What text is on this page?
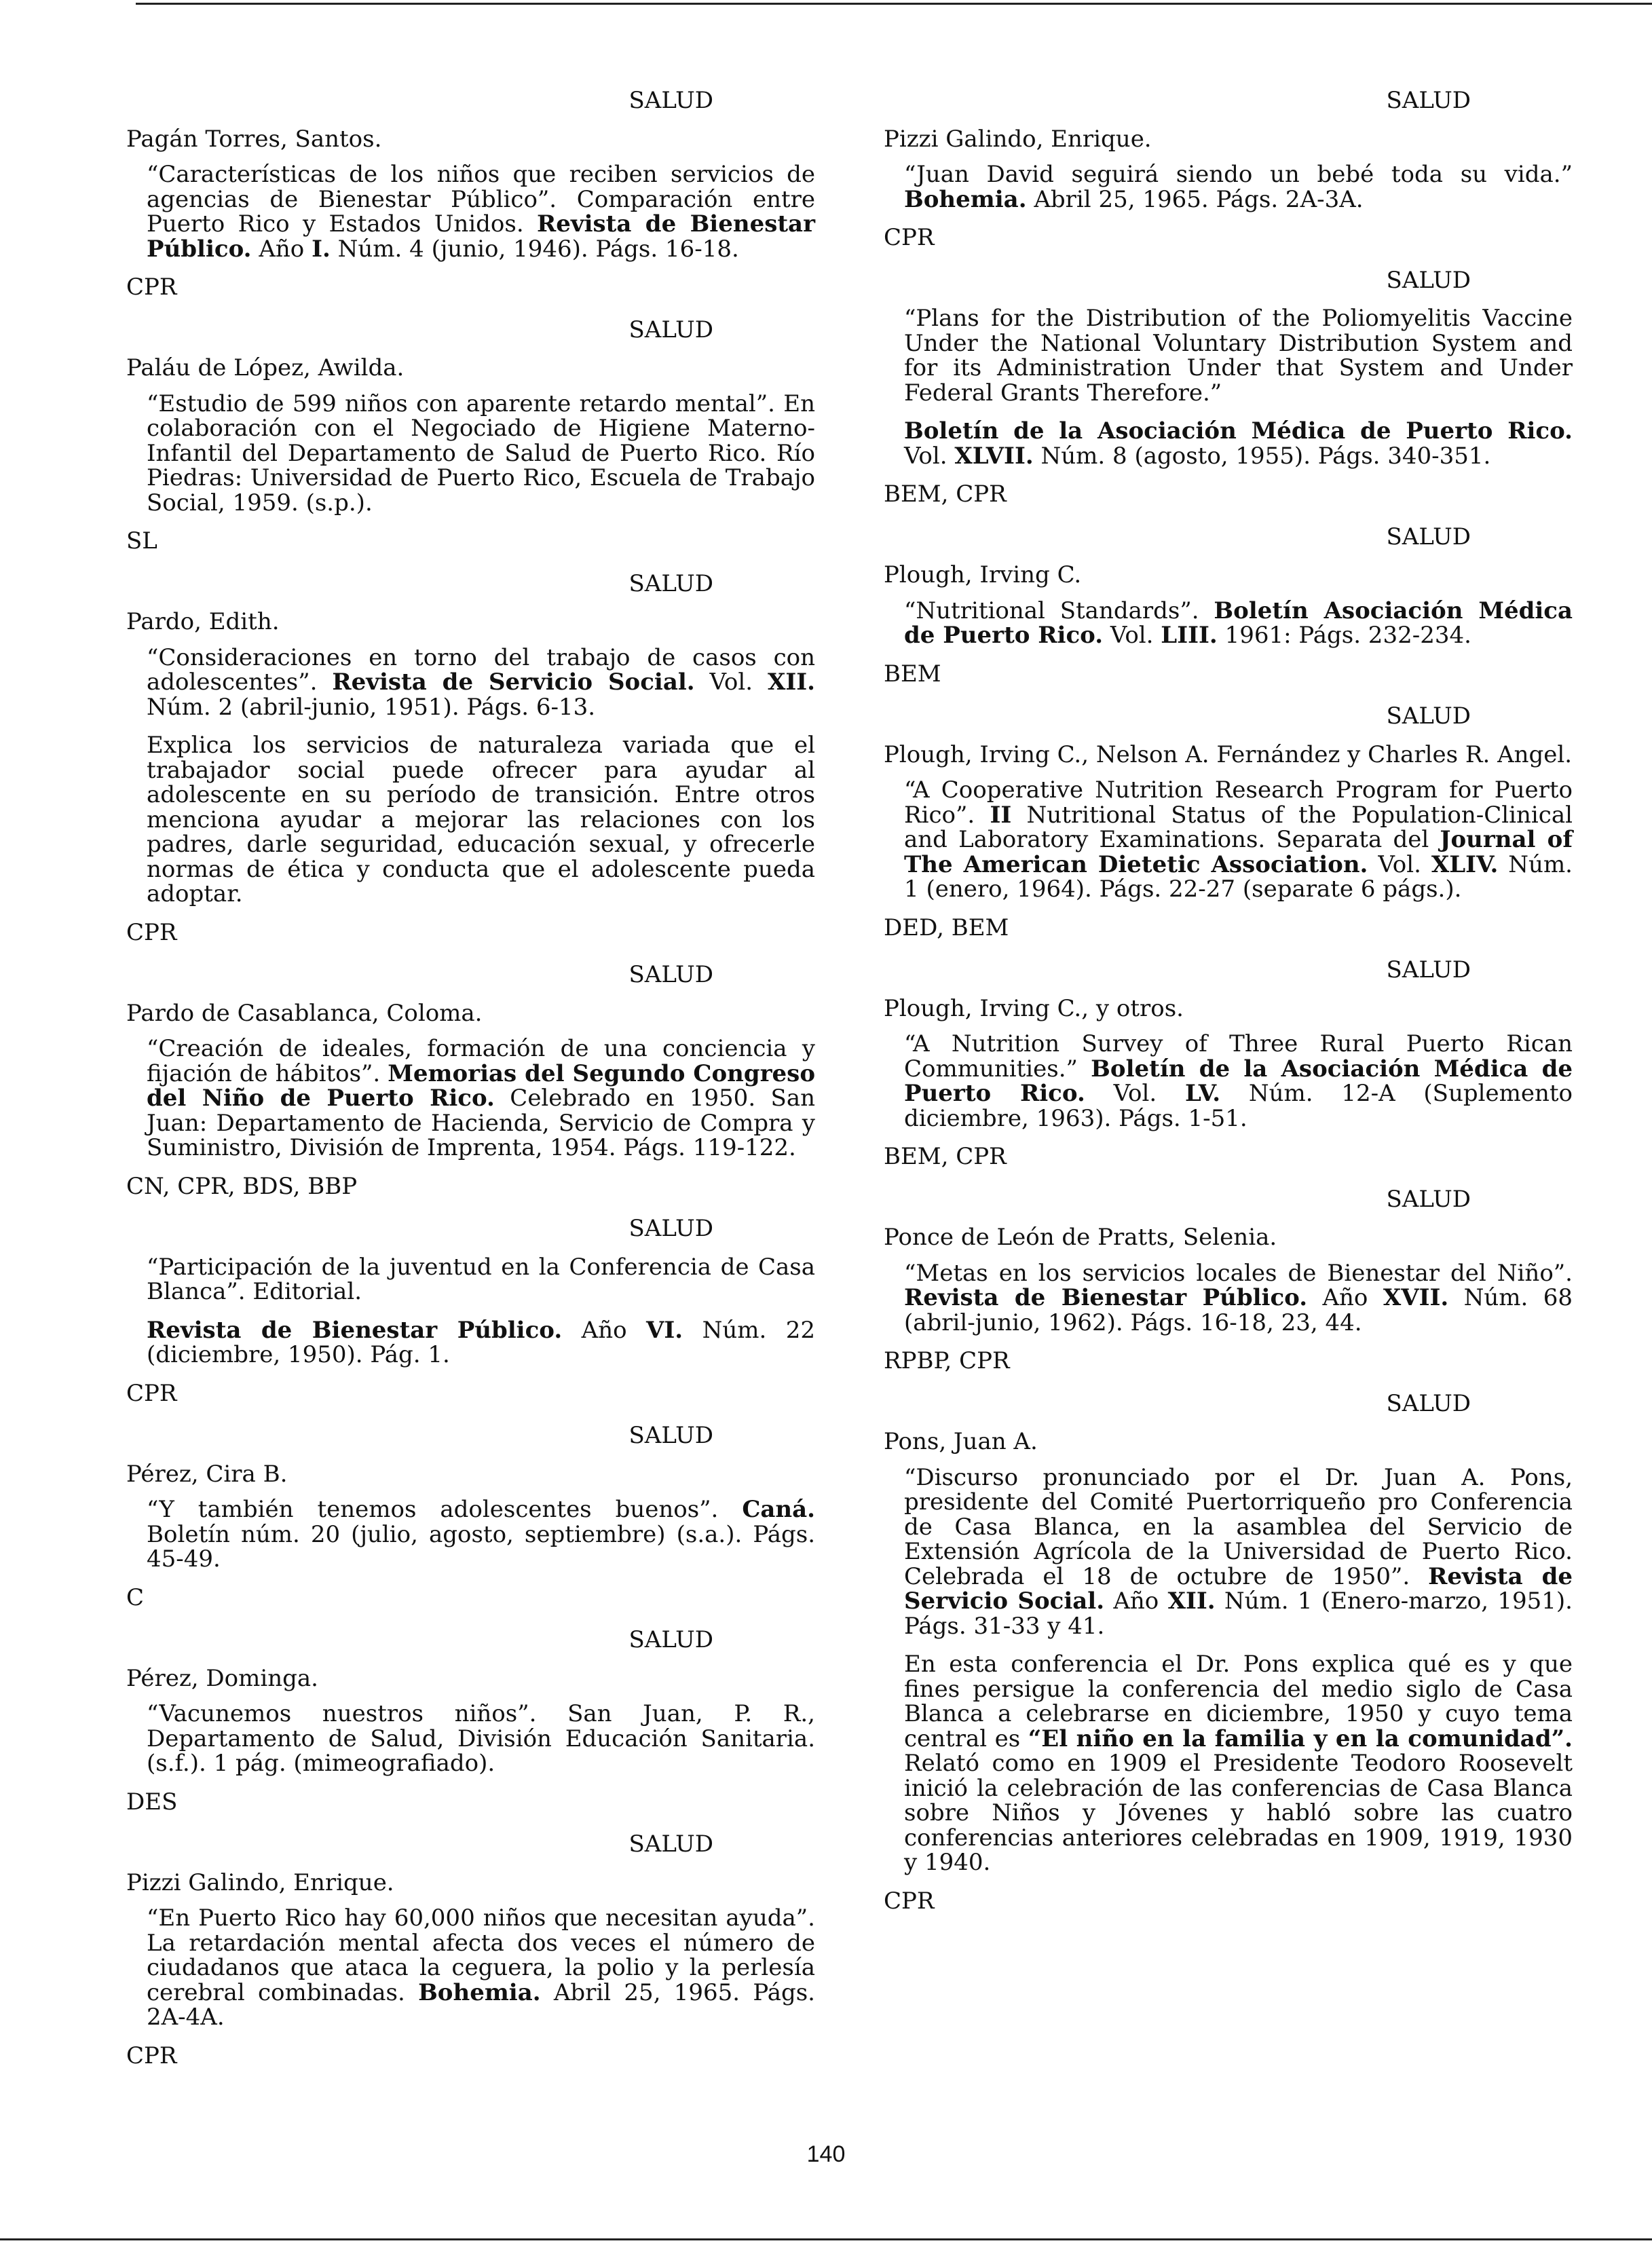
SALUD
Pagán Torres, Santos.

“Características de los niños que reciben servicios de agencias de Bienestar Público”. Comparación entre Puerto Rico y Estados Unidos. Revista de Bienestar Público. Año I. Núm. 4 (junio, 1946). Págs. 16-18.

CPR
SALUD
Paláu de López, Awilda.

“Estudio de 599 niños con aparente retardo mental”. En colaboración con el Negociado de Higiene Materno-Infantil del Departamento de Salud de Puerto Rico. Río Piedras: Universidad de Puerto Rico, Escuela de Trabajo Social, 1959. (s.p.).

SL
SALUD
Pardo, Edith.

“Consideraciones en torno del trabajo de casos con adolescentes”. Revista de Servicio Social. Vol. XII. Núm. 2 (abril-junio, 1951). Págs. 6-13.

Explica los servicios de naturaleza variada que el trabajador social puede ofrecer para ayudar al adolescente en su período de transición. Entre otros menciona ayudar a mejorar las relaciones con los padres, darle seguridad, educación sexual, y ofrecerle normas de ética y conducta que el adolescente pueda adoptar.

CPR
SALUD
Pardo de Casablanca, Coloma.

“Creación de ideales, formación de una conciencia y fijación de hábitos”. Memorias del Segundo Congreso del Niño de Puerto Rico. Celebrado en 1950. San Juan: Departamento de Hacienda, Servicio de Compra y Suministro, División de Imprenta, 1954. Págs. 119-122.

CN, CPR, BDS, BBP
SALUD

“Participación de la juventud en la Conferencia de Casa Blanca”. Editorial.

Revista de Bienestar Público. Año VI. Núm. 22 (diciembre, 1950). Pág. 1.

CPR
SALUD
Pérez, Cira B.

“Y también tenemos adolescentes buenos”. Caná. Boletín núm. 20 (julio, agosto, septiembre) (s.a.). Págs. 45-49.

C
SALUD
Pérez, Dominga.

“Vacunemos nuestros niños”. San Juan, P. R., Departamento de Salud, División Educación Sanitaria. (s.f.). 1 pág. (mimeografiado).

DES
SALUD
Pizzi Galindo, Enrique.

“En Puerto Rico hay 60,000 niños que necesitan ayuda”. La retardación mental afecta dos veces el número de ciudadanos que ataca la ceguera, la polio y la perlesía cerebral combinadas. Bohemia. Abril 25, 1965. Págs. 2A-4A.

CPR
SALUD
Pizzi Galindo, Enrique.

“Juan David seguirá siendo un bebé toda su vida.” Bohemia. Abril 25, 1965. Págs. 2A-3A.

CPR
SALUD

“Plans for the Distribution of the Poliomyelitis Vaccine Under the National Voluntary Distribution System and for its Administration Under that System and Under Federal Grants Therefore.”

Boletín de la Asociación Médica de Puerto Rico. Vol. XLVII. Núm. 8 (agosto, 1955). Págs. 340-351.

BEM, CPR
SALUD
Plough, Irving C.

“Nutritional Standards”. Boletín Asociación Médica de Puerto Rico. Vol. LIII. 1961: Págs. 232-234.

BEM
SALUD
Plough, Irving C., Nelson A. Fernández y Charles R. Angel.

“A Cooperative Nutrition Research Program for Puerto Rico”. II Nutritional Status of the Population-Clinical and Laboratory Examinations. Separata del Journal of The American Dietetic Association. Vol. XLIV. Núm. 1 (enero, 1964). Págs. 22-27 (separate 6 págs.).

DED, BEM
SALUD
Plough, Irving C., y otros.

“A Nutrition Survey of Three Rural Puerto Rican Communities.” Boletín de la Asociación Médica de Puerto Rico. Vol. LV. Núm. 12-A (Suplemento diciembre, 1963). Págs. 1-51.

BEM, CPR
SALUD
Ponce de León de Pratts, Selenia.

“Metas en los servicios locales de Bienestar del Niño”. Revista de Bienestar Público. Año XVII. Núm. 68 (abril-junio, 1962). Págs. 16-18, 23, 44.

RPBP, CPR
SALUD
Pons, Juan A.

“Discurso pronunciado por el Dr. Juan A. Pons, presidente del Comité Puertorriqueño pro Conferencia de Casa Blanca, en la asamblea del Servicio de Extensión Agrícola de la Universidad de Puerto Rico. Celebrada el 18 de octubre de 1950”. Revista de Servicio Social. Año XII. Núm. 1 (Enero-marzo, 1951). Págs. 31-33 y 41.

En esta conferencia el Dr. Pons explica qué es y que fines persigue la conferencia del medio siglo de Casa Blanca a celebrarse en diciembre, 1950 y cuyo tema central es “El niño en la familia y en la comunidad”. Relató como en 1909 el Presidente Teodoro Roosevelt inició la celebración de las conferencias de Casa Blanca sobre Niños y Jóvenes y habló sobre las cuatro conferencias anteriores celebradas en 1909, 1919, 1930 y 1940.

CPR
140
